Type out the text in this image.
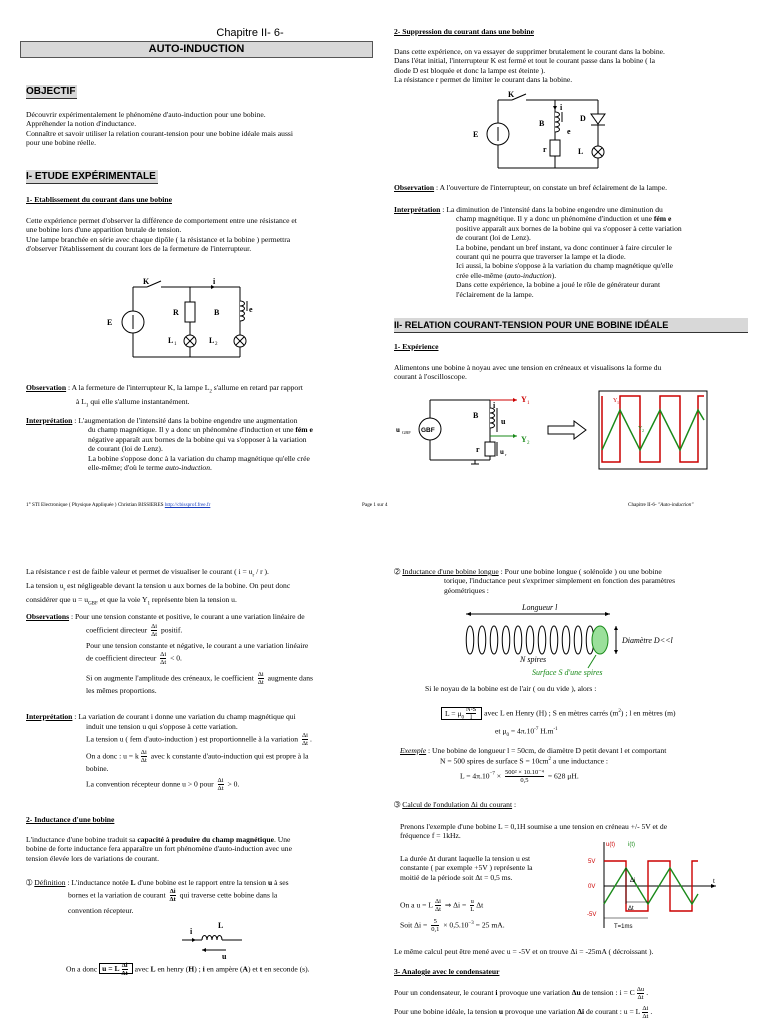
Chapitre II- 6-
AUTO-INDUCTION
OBJECTIF
Découvrir expérimentalement le phénomène d'auto-induction pour une bobine.
Appréhender la notion d'inductance.
Connaître et savoir utiliser la relation courant-tension pour une bobine idéale mais aussi
pour une bobine réelle.
I- ETUDE EXPÉRIMENTALE
1- Etablissement du courant dans une bobine
Cette expérience permet d'observer la différence de comportement entre une résistance et
une bobine lors d'une apparition brutale de tension.
Une lampe branchée en série avec chaque dipôle ( la résistance et la bobine ) permettra
d'observer l'établissement du courant lors de la fermeture de l'interrupteur.
K	i
R	B	e
E
L 1	L 2
Observation : A la fermeture de l'interrupteur K, la lampe $L_2$ s'allume en retard par rapport
à $L_1$ qui elle s'allume instantanément.
Interprétation : L'augmentation de l'intensité dans la bobine engendre une augmentation
du champ magnétique. Il y a donc un phénomène d'induction et une fém e
négative apparaît aux bornes de la bobine qui va s'opposer à la variation
de courant (loi de Lenz).
La bobine s'oppose donc à la variation du champ magnétique qu'elle crée
elle-même; d'où le terme auto-induction.
2- Suppression du courant dans une bobine
Dans cette expérience, on va essayer de supprimer brutalement le courant dans la bobine.
Dans l'état initial, l'interrupteur K est fermé et tout le courant passe dans la bobine ( la
diode D est bloquée et donc la lampe est éteinte ).
La résistance r permet de limiter le courant dans la bobine.
K
i
B
e
E
D
r	L
Observation : A l'ouverture de l'interrupteur, on constate un bref éclairement de la lampe.
Interprétation : La diminution de l'intensité dans la bobine engendre une diminution du
champ magnétique. Il y a donc un phénomène d'induction et une fém e
positive apparaît aux bornes de la bobine qui va s'opposer à cette variation
de courant (loi de Lenz).
La bobine, pendant un bref instant, va donc continuer à faire circuler le
courant qui ne pourra que traverser la lampe et la diode.
Ici aussi, la bobine s'oppose à la variation du champ magnétique qu'elle
crée elle-même (auto-induction).
Dans cette expérience, la bobine a joué le rôle de générateur durant
l'éclairement de la lampe.
II- RELATION COURANT-TENSION POUR UNE BOBINE IDÉALE
1- Expérience
Alimentons une bobine à noyau avec une tension en créneaux et visualisons la forme du
courant à l'oscilloscope.
GBF
u GBF
i
B
u
r	u r
Y 1
Y 2
Y 1
Y 2
1° STI Electronique ( Physique Appliquée ) Christian BISSIERES http://cbissprof.free.fr	Page 1 sur 4	Chapitre II-6- "Auto-induction"
La résistance r est de faible valeur et permet de visualiser le courant ( $i = u_r / r$ ).
La tension $u_r$ est négligeable devant la tension u aux bornes de la bobine. On peut donc
considérer que $u = u_{GBF}$ et que la voie $Y_1$ représente bien la tension u.
Observations : Pour une tension constante et positive, le courant a une variation linéaire de
coefficient directeur $\frac{\Delta i}{\Delta t}$ positif.
Pour une tension constante et négative, le courant a une variation linéaire
de coefficient directeur $\frac{\Delta i}{\Delta t} < 0$.
Si on augmente l'amplitude des créneaux, le coefficient $\frac{\Delta i}{\Delta t}$ augmente dans
les mêmes proportions.
Interprétation : La variation de courant i donne une variation du champ magnétique qui
induit une tension u qui s'oppose à cette variation.
La tension u ( fem d'auto-induction ) est proportionnelle à la variation $\frac{\Delta i}{\Delta t}$ .
On a donc : u = k $\frac{\Delta i}{\Delta t}$ avec k constante d'auto-induction qui est propre à la
bobine.
La convention récepteur donne u > 0 pour $\frac{\Delta i}{\Delta t} > 0$.
2- Inductance d'une bobine
L'inductance d'une bobine traduit sa capacité à produire du champ magnétique. Une
bobine de forte inductance fera apparaître un fort phénomène d'auto-induction avec une
tension élevée lors de variations de courant.
➀ Définition : L'inductance notée L d'une bobine est le rapport entre la tension u à ses
bornes et la variation de courant $\frac{\Delta i}{\Delta t}$ qui traverse cette bobine dans la
convention récepteur.
L
i
u
On a donc u = L $\frac{\Delta i}{\Delta t}$ avec L en henry (H) ; i en ampère (A) et t en seconde (s).
➁ Inductance d'une bobine longue : Pour une bobine longue ( solénoïde ) ou une bobine
torique, l'inductance peut s'exprimer simplement en fonction des paramètres
géométriques :
Longueur l
Diamètre D<<l
N spires
Surface S d'une spires
Si le noyau de la bobine est de l'air ( ou du vide ), alors :
$L = \mu_0 \frac{\text{N²S}}{l}$ avec L en Henry (H) ; S en mètres carrés $(m^2)$ ; l en mètres (m)
et $\mu_0 = 4\pi.10^{-7}$ $H.m^{-1}$
Exemple : Une bobine de longueur l = 50cm, de diamètre D petit devant l et comportant
N = 500 spires de surface $S = 10cm^2$ a une inductance :
$L = 4\pi.10^{-7} \times \frac{\text{500² × 10.10⁻⁴}}{0,5} = 628$ μH.
➂ Calcul de l'ondulation Δi du courant :
Prenons l'exemple d'une bobine L = 0,1H soumise a une tension en créneau +/- 5V et de
fréquence f = 1kHz.
La durée Δt durant laquelle la tension u est
constante ( par exemple +5V ) représente la
moitié de la période soit Δt = 0,5 ms.
On a u = L $\frac{\Delta i}{\Delta t}$ ⇒ $\Delta i = \frac{u}{L}$ Δt
Soit $\Delta i = \frac{5}{0,1} \times 0,5.10^{-3} = 25$ mA.
u(t) i(t)
5V
0V
-5V
t
Δi
Δt
T=1ms
Le même calcul peut être mené avec u = -5V et on trouve Δi = -25mA ( décroissant ).
3- Analogie avec le condensateur
Pour un condensateur, le courant i provoque une variation Δu de tension : i = C $\frac{\Delta u}{\Delta t}$ .
Pour une bobine idéale, la tension u provoque une variation Δi de courant : u = L $\frac{\Delta i}{\Delta t}$ .
